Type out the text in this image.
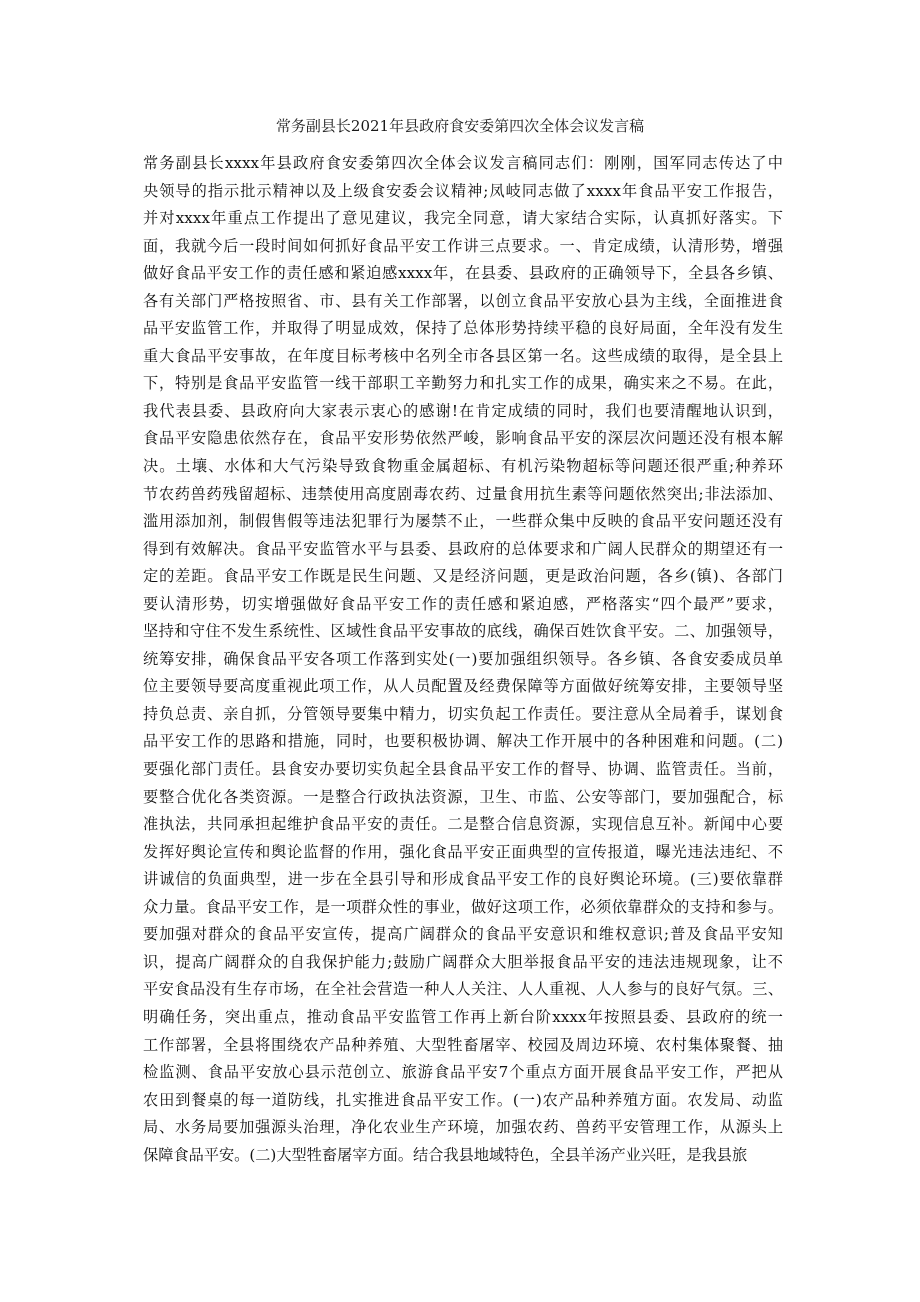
常务副县长2021年县政府食安委第四次全体会议发言稿
常务副县长xxxx年县政府食安委第四次全体会议发言稿同志们：刚刚，国军同志传达了中
央领导的指示批示精神以及上级食安委会议精神;凤岐同志做了xxxx年食品平安工作报告，
并对xxxx年重点工作提出了意见建议，我完全同意，请大家结合实际，认真抓好落实。下
面，我就今后一段时间如何抓好食品平安工作讲三点要求。一、肯定成绩，认清形势，增强
做好食品平安工作的责任感和紧迫感xxxx年，在县委、县政府的正确领导下，全县各乡镇、
各有关部门严格按照省、市、县有关工作部署，以创立食品平安放心县为主线，全面推进食
品平安监管工作，并取得了明显成效，保持了总体形势持续平稳的良好局面，全年没有发生
重大食品平安事故，在年度目标考核中名列全市各县区第一名。这些成绩的取得，是全县上
下，特别是食品平安监管一线干部职工辛勤努力和扎实工作的成果，确实来之不易。在此，
我代表县委、县政府向大家表示衷心的感谢!在肯定成绩的同时，我们也要清醒地认识到，
食品平安隐患依然存在，食品平安形势依然严峻，影响食品平安的深层次问题还没有根本解
决。土壤、水体和大气污染导致食物重金属超标、有机污染物超标等问题还很严重;种养环
节农药兽药残留超标、违禁使用高度剧毒农药、过量食用抗生素等问题依然突出;非法添加、
滥用添加剂，制假售假等违法犯罪行为屡禁不止，一些群众集中反映的食品平安问题还没有
得到有效解决。食品平安监管水平与县委、县政府的总体要求和广阔人民群众的期望还有一
定的差距。食品平安工作既是民生问题、又是经济问题，更是政治问题，各乡(镇)、各部门
要认清形势，切实增强做好食品平安工作的责任感和紧迫感，严格落实“四个最严”要求，
坚持和守住不发生系统性、区域性食品平安事故的底线，确保百姓饮食平安。二、加强领导，
统筹安排，确保食品平安各项工作落到实处(一)要加强组织领导。各乡镇、各食安委成员单
位主要领导要高度重视此项工作，从人员配置及经费保障等方面做好统筹安排，主要领导坚
持负总责、亲自抓，分管领导要集中精力，切实负起工作责任。要注意从全局着手，谋划食
品平安工作的思路和措施，同时，也要积极协调、解决工作开展中的各种困难和问题。(二)
要强化部门责任。县食安办要切实负起全县食品平安工作的督导、协调、监管责任。当前，
要整合优化各类资源。一是整合行政执法资源，卫生、市监、公安等部门，要加强配合，标
准执法，共同承担起维护食品平安的责任。二是整合信息资源，实现信息互补。新闻中心要
发挥好舆论宣传和舆论监督的作用，强化食品平安正面典型的宣传报道，曝光违法违纪、不
讲诚信的负面典型，进一步在全县引导和形成食品平安工作的良好舆论环境。(三)要依靠群
众力量。食品平安工作，是一项群众性的事业，做好这项工作，必须依靠群众的支持和参与。
要加强对群众的食品平安宣传，提高广阔群众的食品平安意识和维权意识;普及食品平安知
识，提高广阔群众的自我保护能力;鼓励广阔群众大胆举报食品平安的违法违规现象，让不
平安食品没有生存市场，在全社会营造一种人人关注、人人重视、人人参与的良好气氛。三、
明确任务，突出重点，推动食品平安监管工作再上新台阶xxxx年按照县委、县政府的统一
工作部署，全县将围绕农产品种养殖、大型牲畜屠宰、校园及周边环境、农村集体聚餐、抽
检监测、食品平安放心县示范创立、旅游食品平安7个重点方面开展食品平安工作，严把从
农田到餐桌的每一道防线，扎实推进食品平安工作。(一)农产品种养殖方面。农发局、动监
局、水务局要加强源头治理，净化农业生产环境，加强农药、兽药平安管理工作，从源头上
保障食品平安。(二)大型牲畜屠宰方面。结合我县地域特色，全县羊汤产业兴旺，是我县旅
